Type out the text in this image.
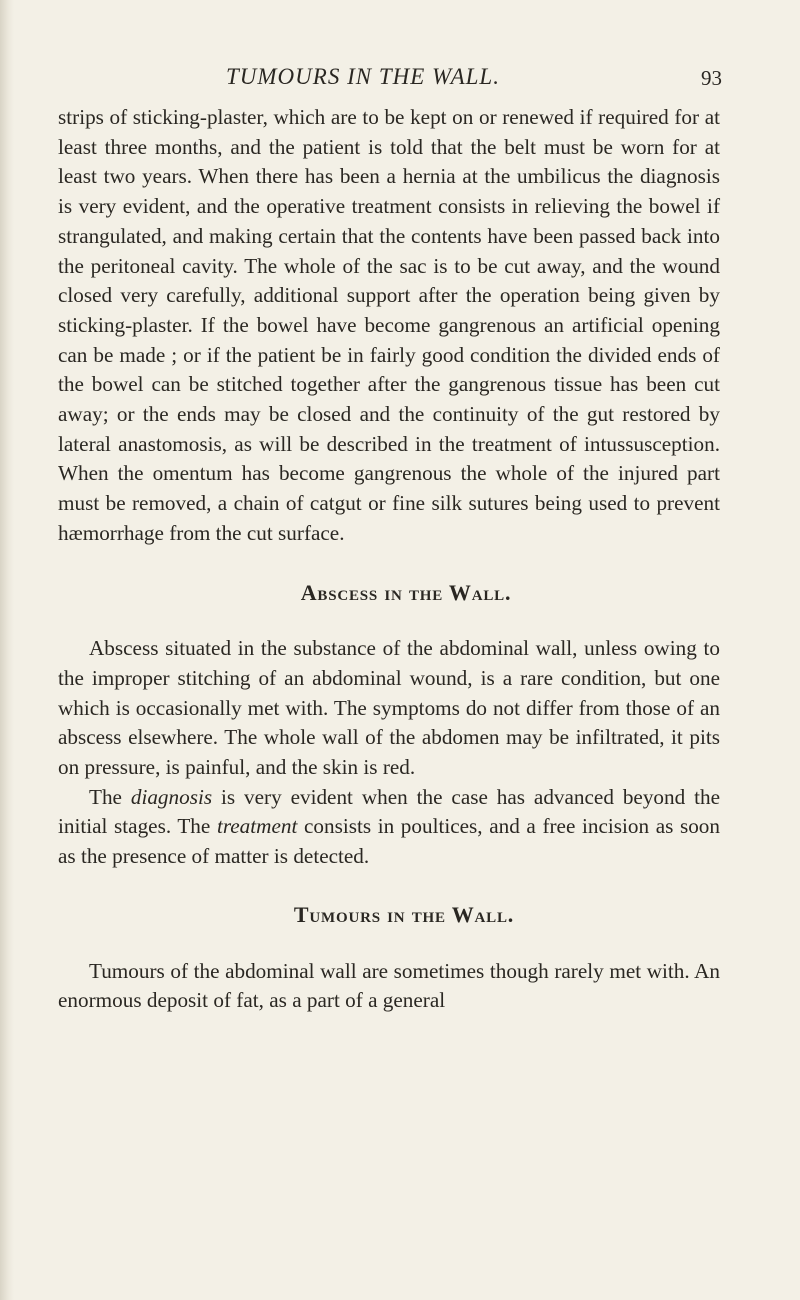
TUMOURS IN THE WALL.	93

strips of sticking-plaster, which are to be kept on or renewed if required for at least three months, and the patient is told that the belt must be worn for at least two years. When there has been a hernia at the umbilicus the diagnosis is very evident, and the operative treatment consists in relieving the bowel if strangulated, and making certain that the contents have been passed back into the peritoneal cavity. The whole of the sac is to be cut away, and the wound closed very carefully, additional support after the operation being given by sticking-plaster. If the bowel have become gangrenous an artificial opening can be made ; or if the patient be in fairly good condition the divided ends of the bowel can be stitched together after the gangrenous tissue has been cut away; or the ends may be closed and the continuity of the gut restored by lateral anastomosis, as will be described in the treatment of intussusception. When the omentum has become gangrenous the whole of the injured part must be removed, a chain of catgut or fine silk sutures being used to prevent hæmorrhage from the cut surface.

Abscess in the Wall.

Abscess situated in the substance of the abdominal wall, unless owing to the improper stitching of an abdominal wound, is a rare condition, but one which is occasionally met with. The symptoms do not differ from those of an abscess elsewhere. The whole wall of the abdomen may be infiltrated, it pits on pressure, is painful, and the skin is red.

The diagnosis is very evident when the case has advanced beyond the initial stages. The treatment consists in poultices, and a free incision as soon as the presence of matter is detected.

Tumours in the Wall.

Tumours of the abdominal wall are sometimes though rarely met with. An enormous deposit of fat, as a part of a general
